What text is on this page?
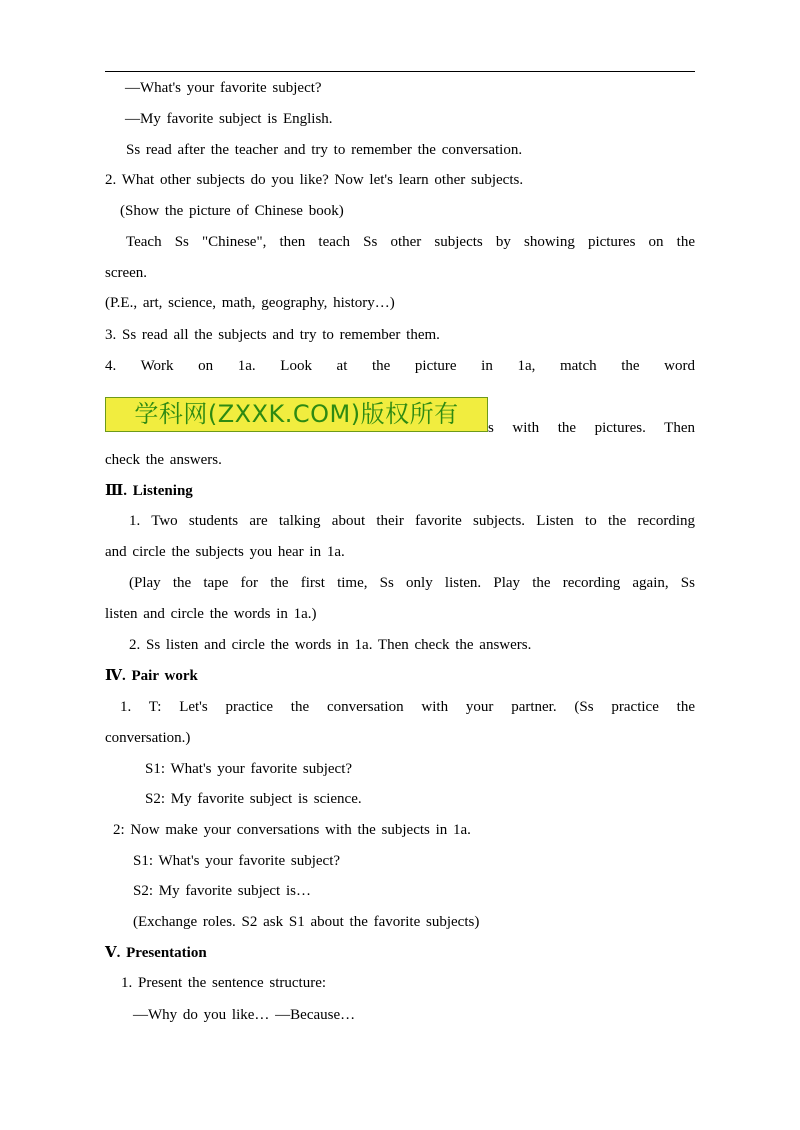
—What's your favorite subject?
—My favorite subject is English.
Ss read after the teacher and try to remember the conversation.
2. What other subjects do you like? Now let's learn other subjects.
(Show the picture of Chinese book)
Teach Ss "Chinese", then teach Ss other subjects by showing pictures on the
screen.
(P.E., art, science, math, geography, history…)
3. Ss read all the subjects and try to remember them.
4. Work on 1a. Look at the picture in 1a, match the word
学科网(ZXXK.COM)版权所有	s with the pictures. Then
check the answers.
Ⅲ. Listening
1. Two students are talking about their favorite subjects. Listen to the recording
and circle the subjects you hear in 1a.
(Play the tape for the first time, Ss only listen. Play the recording again, Ss
listen and circle the words in 1a.)
2. Ss listen and circle the words in 1a. Then check the answers.
Ⅳ. Pair work
1. T: Let's practice the conversation with your partner. (Ss practice the
conversation.)
S1: What's your favorite subject?
S2: My favorite subject is science.
2: Now make your conversations with the subjects in 1a.
S1: What's your favorite subject?
S2: My favorite subject is…
(Exchange roles. S2 ask S1 about the favorite subjects)
Ⅴ. Presentation
1. Present the sentence structure:
—Why do you like… —Because…
